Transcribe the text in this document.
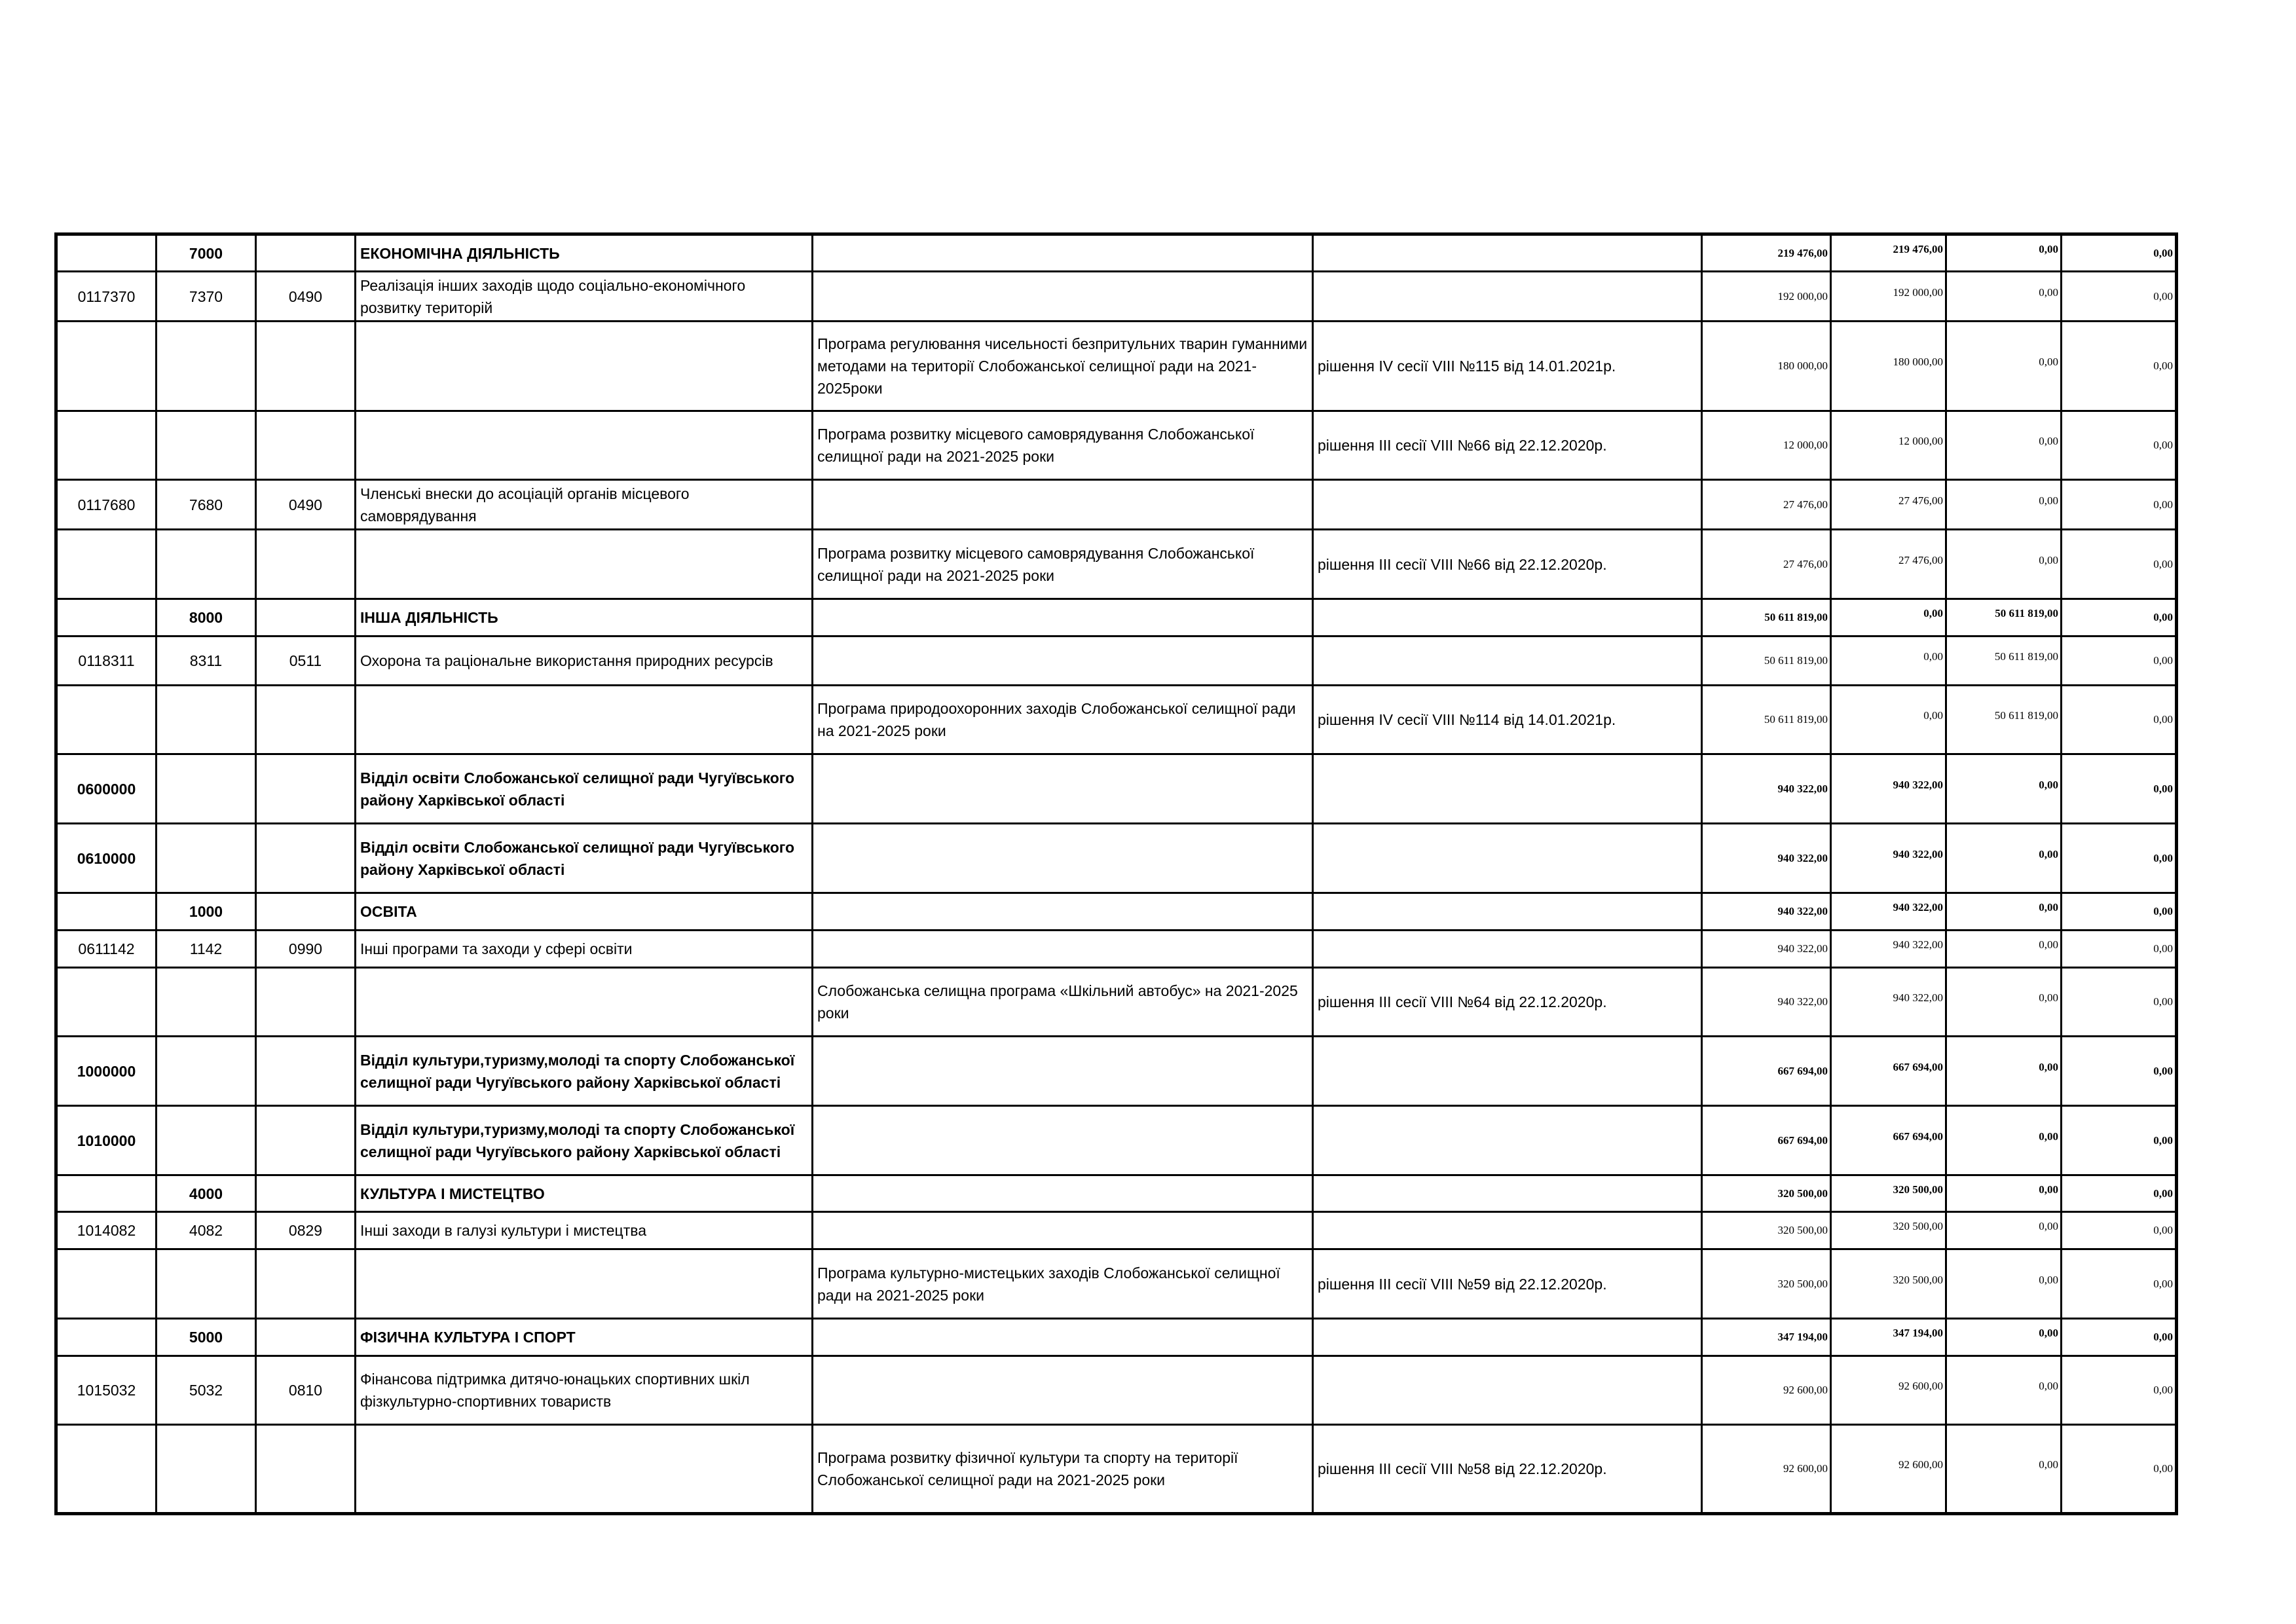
	7000		ЕКОНОМІЧНА ДІЯЛЬНІСТЬ			219 476,00	219 476,00	0,00	0,00
0117370	7370	0490	Реалізація інших заходів щодо соціально-економічного розвитку територій			192 000,00	192 000,00	0,00	0,00
				Програма регулювання чисельності безпритульних тварин гуманними методами на території Слобожанської селищної ради на 2021-2025роки	рішення IV сесії VIII №115 від 14.01.2021р.	180 000,00	180 000,00	0,00	0,00
				Програма розвитку місцевого самоврядування Слобожанської селищної ради на 2021-2025 роки	рішення III сесії VIII №66 від 22.12.2020р.	12 000,00	12 000,00	0,00	0,00
0117680	7680	0490	Членські внески до асоціацій органів місцевого самоврядування			27 476,00	27 476,00	0,00	0,00
				Програма розвитку місцевого самоврядування Слобожанської селищної ради на 2021-2025 роки	рішення III сесії VIII №66 від 22.12.2020р.	27 476,00	27 476,00	0,00	0,00
	8000		ІНША ДІЯЛЬНІСТЬ			50 611 819,00	0,00	50 611 819,00	0,00
0118311	8311	0511	Охорона та раціональне використання природних ресурсів			50 611 819,00	0,00	50 611 819,00	0,00
				Програма природоохоронних заходів Слобожанської селищної ради на 2021-2025 роки	рішення IV сесії VIII №114 від 14.01.2021р.	50 611 819,00	0,00	50 611 819,00	0,00
0600000			Відділ освіти Слобожанської селищної ради Чугуївського району Харківської області			940 322,00	940 322,00	0,00	0,00
0610000			Відділ освіти Слобожанської селищної ради Чугуївського району Харківської області			940 322,00	940 322,00	0,00	0,00
	1000		ОСВІТА			940 322,00	940 322,00	0,00	0,00
0611142	1142	0990	Інші програми та заходи у сфері освіти			940 322,00	940 322,00	0,00	0,00
				Слобожанська селищна програма «Шкільний автобус» на 2021-2025 роки	рішення III сесії VIII №64 від 22.12.2020р.	940 322,00	940 322,00	0,00	0,00
1000000			Відділ культури,туризму,молоді та спорту Слобожанської селищної ради Чугуївського району Харківської області			667 694,00	667 694,00	0,00	0,00
1010000			Відділ культури,туризму,молоді та спорту Слобожанської селищної ради Чугуївського району Харківської області			667 694,00	667 694,00	0,00	0,00
	4000		КУЛЬТУРА І МИСТЕЦТВО			320 500,00	320 500,00	0,00	0,00
1014082	4082	0829	Інші заходи в галузі культури і мистецтва			320 500,00	320 500,00	0,00	0,00
				Програма культурно-мистецьких заходів Слобожанської селищної ради на 2021-2025 роки	рішення III сесії VIII №59 від 22.12.2020р.	320 500,00	320 500,00	0,00	0,00
	5000		ФІЗИЧНА КУЛЬТУРА І СПОРТ			347 194,00	347 194,00	0,00	0,00
1015032	5032	0810	Фінансова підтримка дитячо-юнацьких спортивних шкіл фізкультурно-спортивних товариств			92 600,00	92 600,00	0,00	0,00
				Програма розвитку фізичної культури та спорту на території Слобожанської селищної ради на 2021-2025 роки	рішення III сесії VIII №58 від 22.12.2020р.	92 600,00	92 600,00	0,00	0,00
